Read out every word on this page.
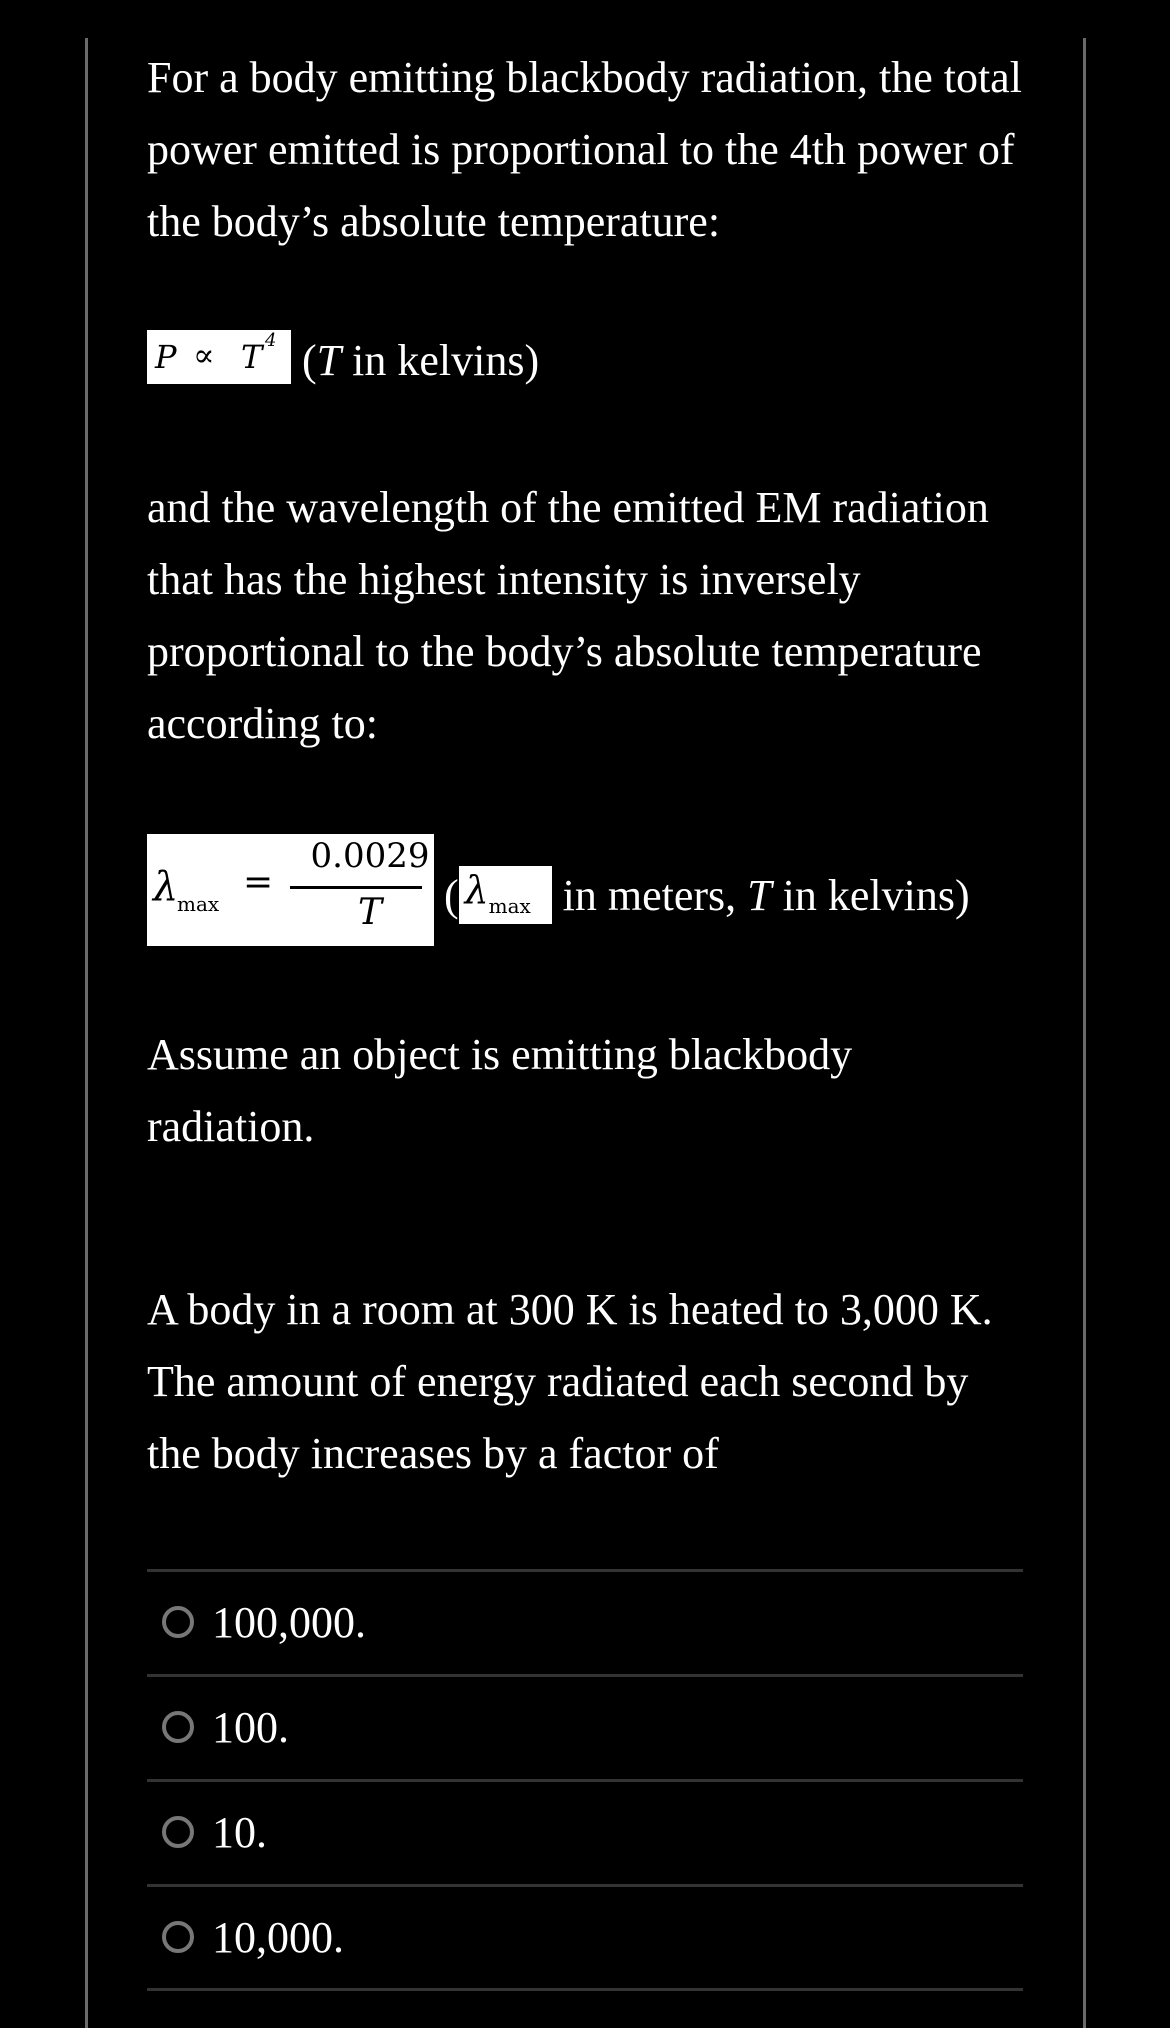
For a body emitting blackbody radiation, the total power emitted is proportional to the 4th power of the body’s absolute temperature:

P ∝ T 4 (T in kelvins)

and the wavelength of the emitted EM radiation that has the highest intensity is inversely proportional to the body’s absolute temperature according to:

λ
max
=
0.0029
T	( λ max in meters, T in kelvins)

Assume an object is emitting blackbody radiation.

A body in a room at 300 K is heated to 3,000 K. The amount of energy radiated each second by the body increases by a factor of

100,000.
100.
10.
10,000.
